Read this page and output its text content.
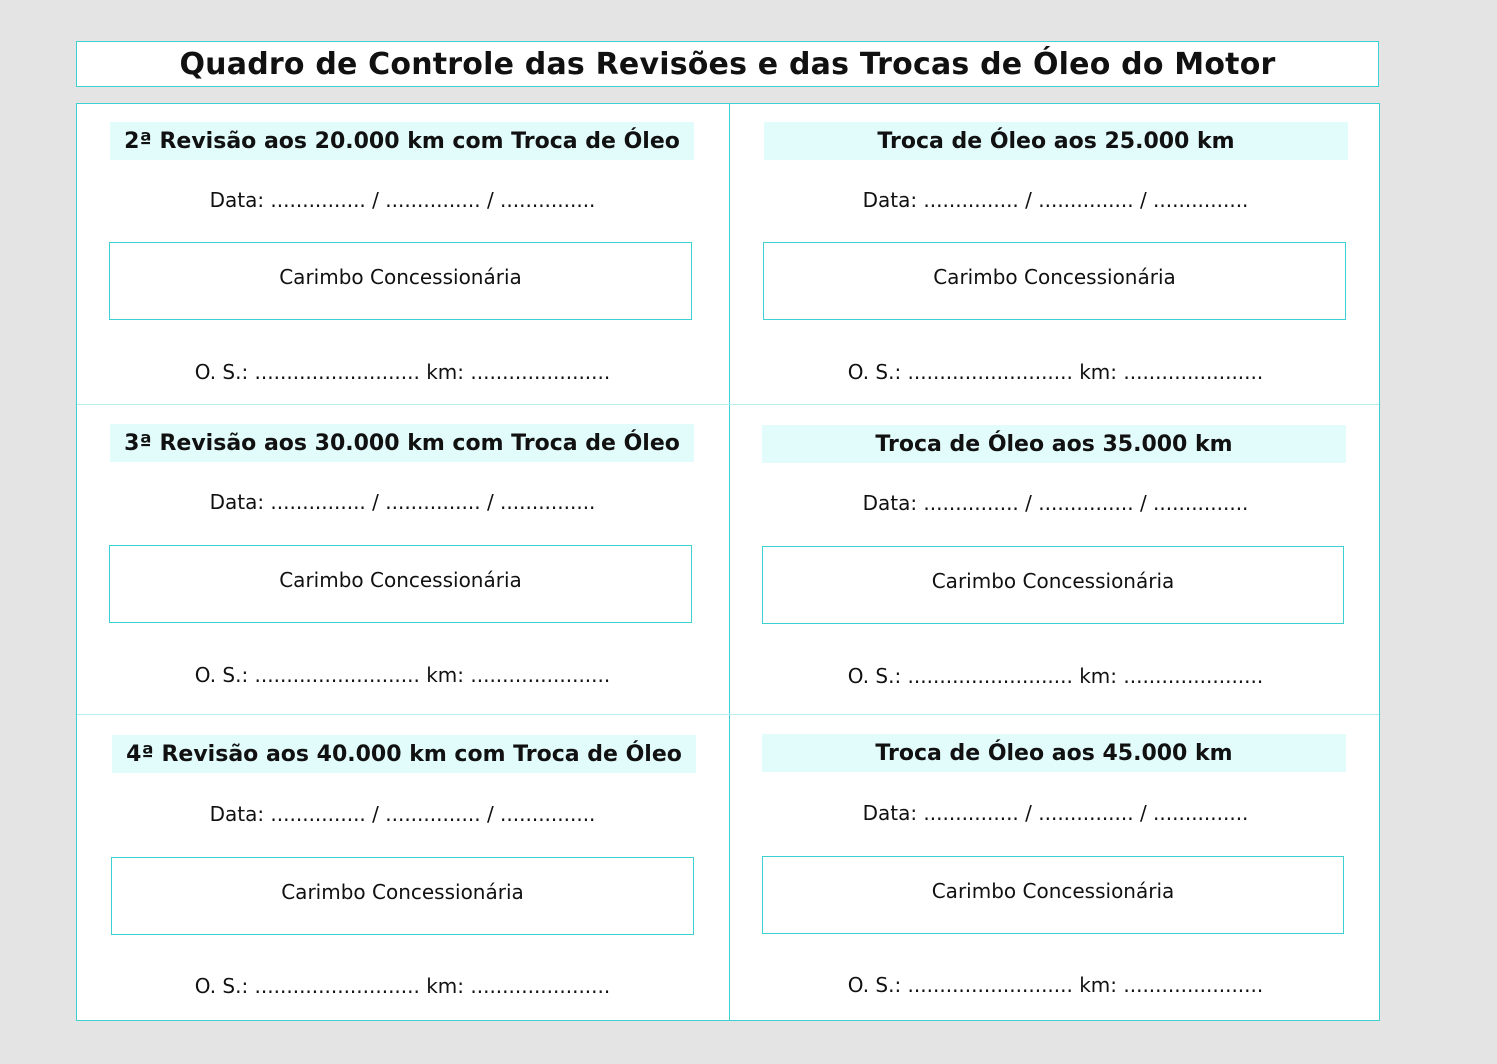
Quadro de Controle das Revisões e das Trocas de Óleo do Motor
2ª Revisão aos 20.000 km com Troca de Óleo
Data: ............... / ............... / ...............
Carimbo Concessionária
O. S.: .......................... km: ......................
Troca de Óleo aos 25.000 km
Data: ............... / ............... / ...............
Carimbo Concessionária
O. S.: .......................... km: ......................
3ª Revisão aos 30.000 km com Troca de Óleo
Data: ............... / ............... / ...............
Carimbo Concessionária
O. S.: .......................... km: ......................
Troca de Óleo aos 35.000 km
Data: ............... / ............... / ...............
Carimbo Concessionária
O. S.: .......................... km: ......................
4ª Revisão aos 40.000 km com Troca de Óleo
Data: ............... / ............... / ...............
Carimbo Concessionária
O. S.: .......................... km: ......................
Troca de Óleo aos 45.000 km
Data: ............... / ............... / ...............
Carimbo Concessionária
O. S.: .......................... km: ......................
